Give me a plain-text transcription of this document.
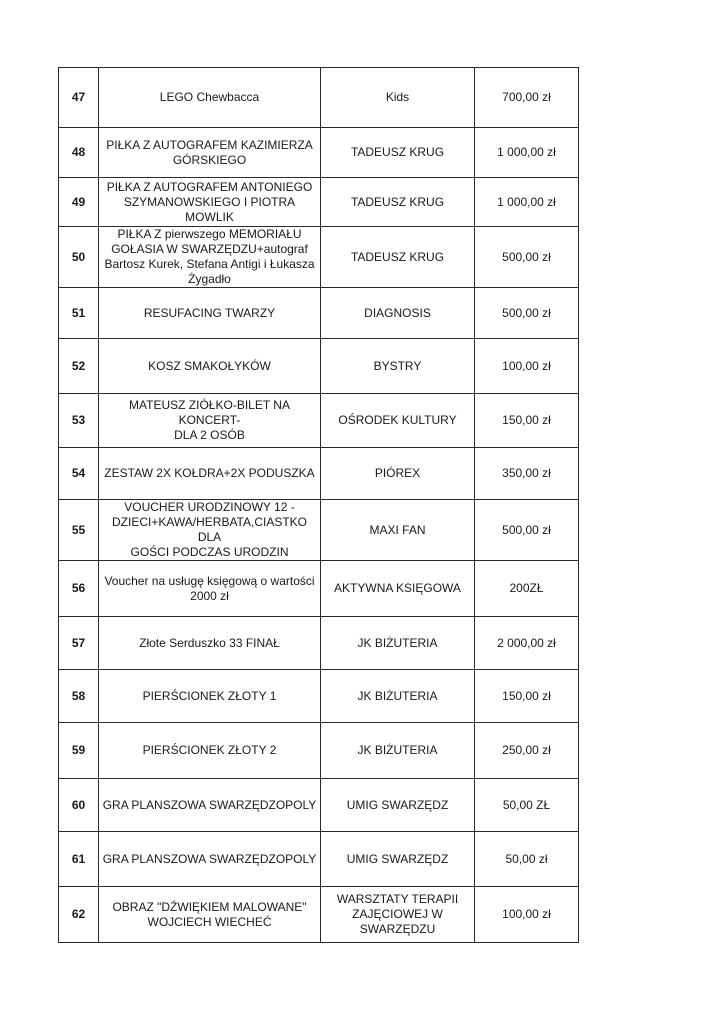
47	LEGO Chewbacca	Kids	700,00 zł
48	PIŁKA Z AUTOGRAFEM KAZIMIERZA
GÓRSKIEGO	TADEUSZ KRUG	1 000,00 zł
49	PIŁKA Z AUTOGRAFEM ANTONIEGO
SZYMANOWSKIEGO I PIOTRA MOWLIK	TADEUSZ KRUG	1 000,00 zł
50	PIŁKA Z pierwszego MEMORIAŁU
GOŁASIA W SWARZĘDZU+autograf
Bartosz Kurek, Stefana Antigi i Łukasza
Żygadło	TADEUSZ KRUG	500,00 zł
51	RESUFACING TWARZY	DIAGNOSIS	500,00 zł
52	KOSZ SMAKOŁYKÓW	BYSTRY	100,00 zł
53	MATEUSZ ZIÓŁKO-BILET NA KONCERT-
DLA 2 OSÓB	OŚRODEK KULTURY	150,00 zł
54	ZESTAW 2X KOŁDRA+2X PODUSZKA	PIÓREX	350,00 zł
55	VOUCHER URODZINOWY 12 -
DZIECI+KAWA/HERBATA,CIASTKO DLA
GOŚCI PODCZAS URODZIN	MAXI FAN	500,00 zł
56	Voucher na usługę księgową o wartości
2000 zł	AKTYWNA KSIĘGOWA	200ZŁ
57	Złote Serduszko 33 FINAŁ	JK BIŻUTERIA	2 000,00 zł
58	PIERŚCIONEK ZŁOTY 1	JK BIŻUTERIA	150,00 zł
59	PIERŚCIONEK ZŁOTY 2	JK BIŻUTERIA	250,00 zł
60	GRA PLANSZOWA SWARZĘDZOPOLY	UMIG SWARZĘDZ	50,00 ZŁ
61	GRA PLANSZOWA SWARZĘDZOPOLY	UMIG SWARZĘDZ	50,00 zł
62	OBRAZ "DŹWIĘKIEM MALOWANE"
WOJCIECH WIECHEĆ	WARSZTATY TERAPII
ZAJĘCIOWEJ W
SWARZĘDZU	100,00 zł
